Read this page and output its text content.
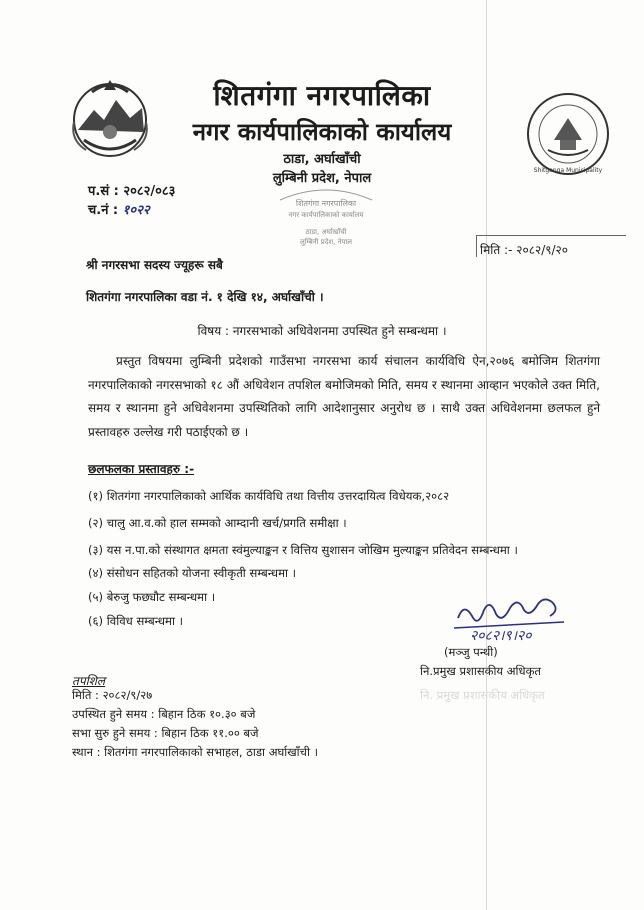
Shitganga Municipality
शितगंगा नगरपालिका
नगर कार्यपालिकाको कार्यालय
ठाडा, अर्घाखाँची
लुम्बिनी प्रदेश, नेपाल
प.सं : २०८२/०८३
च.नं : १०२२	शितगंगा नगरपालिका
नगर कार्यपालिकाको कार्यालय
ठाडा, अर्घाखाँची
लुम्बिनी प्रदेश, नेपाल
मिति :- २०८२/९/२०
श्री नगरसभा सदस्य ज्यूहरू सबै
शितगंगा नगरपालिका वडा नं. १ देखि १४, अर्घाखाँची ।
विषय : नगरसभाको अधिवेशनमा उपस्थित हुने सम्बन्धमा ।
प्रस्तुत विषयमा लुम्बिनी प्रदेशको गाउँसभा नगरसभा कार्य संचालन कार्यविधि ऐन,२०७६ बमोजिम शितगंगा नगरपालिकाको नगरसभाको १८ औं अधिवेशन तपशिल बमोजिमको मिति, समय र स्थानमा आव्हान भएकोले उक्त मिति, समय र स्थानमा हुने अधिवेशनमा उपस्थितिको लागि आदेशानुसार अनुरोध छ । साथै उक्त अधिवेशनमा छलफल हुने प्रस्तावहरु उल्लेख गरी पठाईएको छ ।
छलफलका प्रस्तावहरु :-
(१) शितगंगा नगरपालिकाको आर्थिक कार्यविधि तथा वित्तीय उत्तरदायित्व विधेयक,२०८२
(२) चालु आ.व.को हाल सम्मको आम्दानी खर्च/प्रगति समीक्षा ।
(३) यस न.पा.को संस्थागत क्षमता स्वंमुल्याङ्कन र वित्तिय सुशासन जोखिम मुल्याङ्कन प्रतिवेदन सम्बन्धमा ।
(४) संसोधन सहितको योजना स्वीकृती सम्बन्धमा ।
(५) बेरुजु फछ्यौट सम्बन्धमा ।
(६) विविध सम्बन्धमा ।
२०८२।९।२०
(मञ्जु पन्थी)
नि.प्रमुख प्रशासकीय अधिकृत
नि. प्रमुख प्रशासकीय अधिकृत
तपशिल
मिति : २०८२/९/२७
उपस्थित हुने समय : बिहान ठिक १०.३० बजे
सभा सुरु हुने समय : बिहान ठिक ११.०० बजे
स्थान : शितगंगा नगरपालिकाको सभाहल, ठाडा अर्घाखाँची ।
